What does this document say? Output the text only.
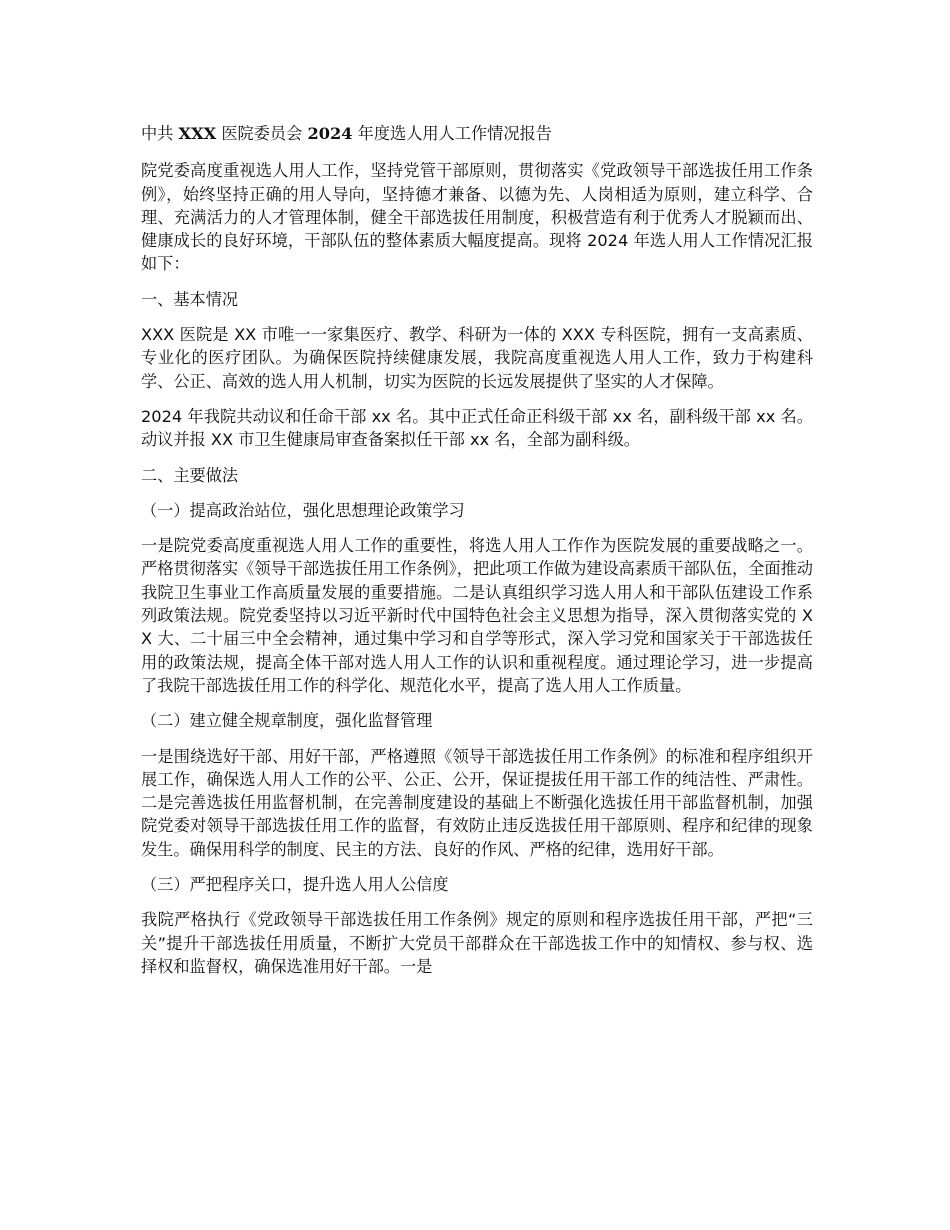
中共 XXX 医院委员会 2024 年度选人用人工作情况报告

院党委高度重视选人用人工作，坚持党管干部原则，贯彻落实《党政领导干部选拔任用工作条例》，始终坚持正确的用人导向，坚持德才兼备、以德为先、人岗相适为原则，建立科学、合理、充满活力的人才管理体制，健全干部选拔任用制度，积极营造有利于优秀人才脱颖而出、健康成长的良好环境，干部队伍的整体素质大幅度提高。现将 2024 年选人用人工作情况汇报如下：

一、基本情况

XXX 医院是 XX 市唯一一家集医疗、教学、科研为一体的 XXX 专科医院，拥有一支高素质、专业化的医疗团队。为确保医院持续健康发展，我院高度重视选人用人工作，致力于构建科学、公正、高效的选人用人机制，切实为医院的长远发展提供了坚实的人才保障。

2024 年我院共动议和任命干部 xx 名。其中正式任命正科级干部 xx 名，副科级干部 xx 名。动议并报 XX 市卫生健康局审查备案拟任干部 xx 名，全部为副科级。

二、主要做法

（一）提高政治站位，强化思想理论政策学习

一是院党委高度重视选人用人工作的重要性，将选人用人工作作为医院发展的重要战略之一。严格贯彻落实《领导干部选拔任用工作条例》，把此项工作做为建设高素质干部队伍，全面推动我院卫生事业工作高质量发展的重要措施。二是认真组织学习选人用人和干部队伍建设工作系列政策法规。院党委坚持以习近平新时代中国特色社会主义思想为指导，深入贯彻落实党的 XX 大、二十届三中全会精神，通过集中学习和自学等形式，深入学习党和国家关于干部选拔任用的政策法规，提高全体干部对选人用人工作的认识和重视程度。通过理论学习，进一步提高了我院干部选拔任用工作的科学化、规范化水平，提高了选人用人工作质量。

（二）建立健全规章制度，强化监督管理

一是围绕选好干部、用好干部，严格遵照《领导干部选拔任用工作条例》的标准和程序组织开展工作，确保选人用人工作的公平、公正、公开，保证提拔任用干部工作的纯洁性、严肃性。二是完善选拔任用监督机制，在完善制度建设的基础上不断强化选拔任用干部监督机制，加强院党委对领导干部选拔任用工作的监督，有效防止违反选拔任用干部原则、程序和纪律的现象发生。确保用科学的制度、民主的方法、良好的作风、严格的纪律，选用好干部。

（三）严把程序关口，提升选人用人公信度

我院严格执行《党政领导干部选拔任用工作条例》规定的原则和程序选拔任用干部，严把“三关”提升干部选拔任用质量，不断扩大党员干部群众在干部选拔工作中的知情权、参与权、选择权和监督权，确保选准用好干部。一是
